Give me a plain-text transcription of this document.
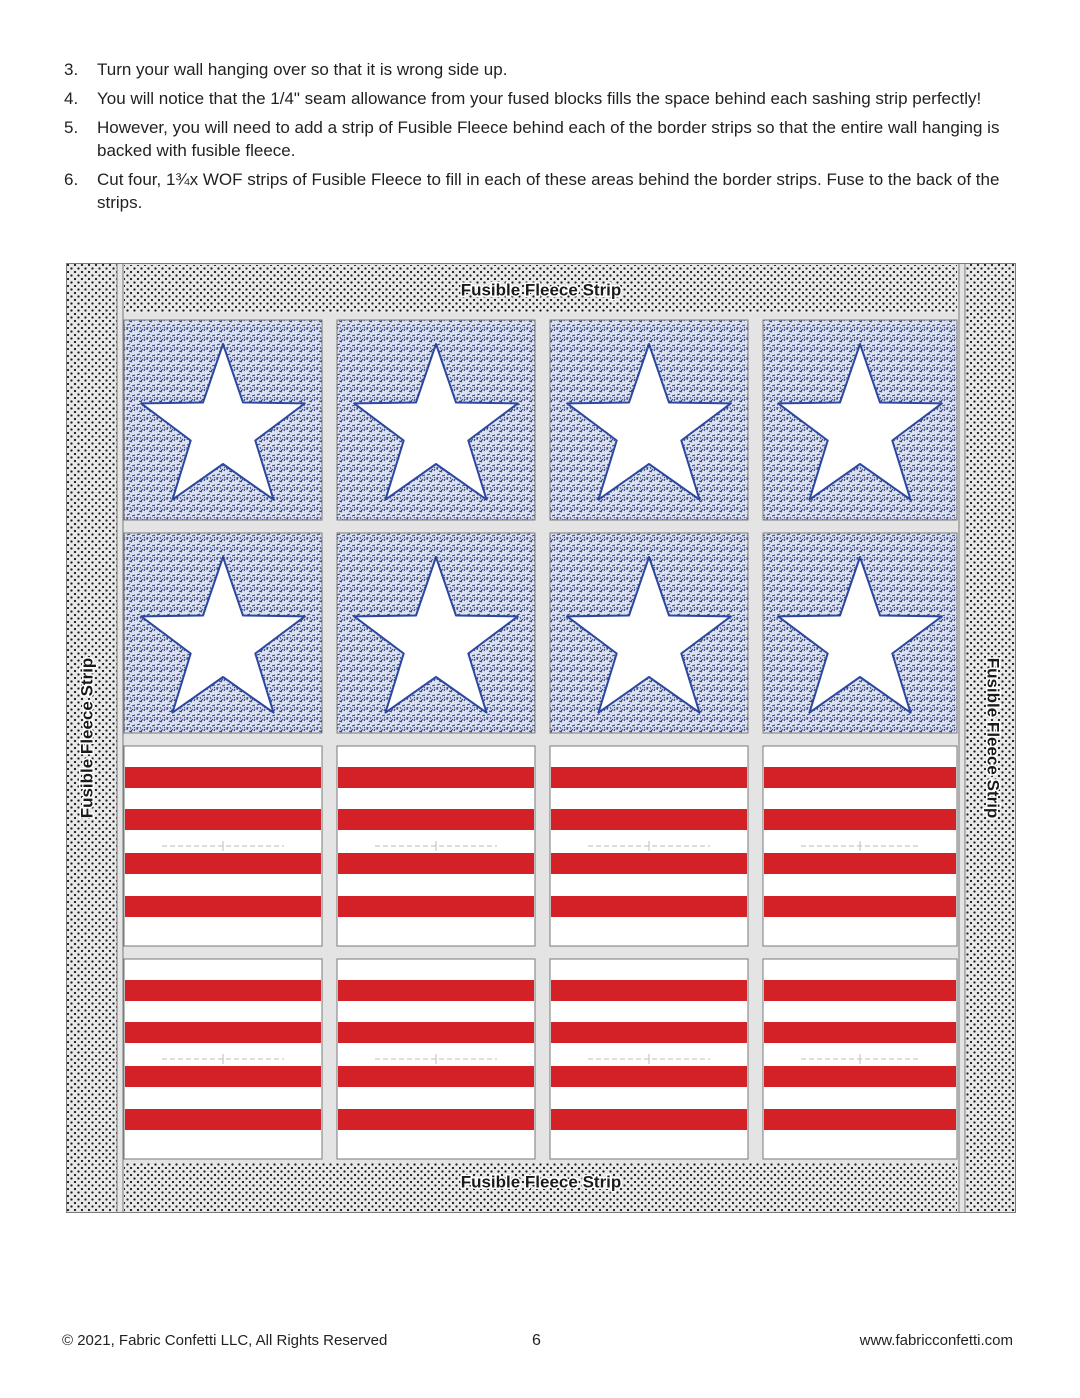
3. Turn your wall hanging over so that it is wrong side up.
4. You will notice that the 1/4" seam allowance from your fused blocks fills the space behind each sashing strip perfectly!
5. However, you will need to add a strip of Fusible Fleece behind each of the border strips so that the entire wall hanging is backed with fusible fleece.
6. Cut four, 1¾x WOF strips of Fusible Fleece to fill in each of these areas behind the border strips. Fuse to the back of the strips.
Fusible Fleece Strip
Fusible Fleece Strip
Fusible Fleece Strip	Fusible Fleece Strip
© 2021, Fabric Confetti LLC, All Rights Reserved	6	www.fabricconfetti.com
